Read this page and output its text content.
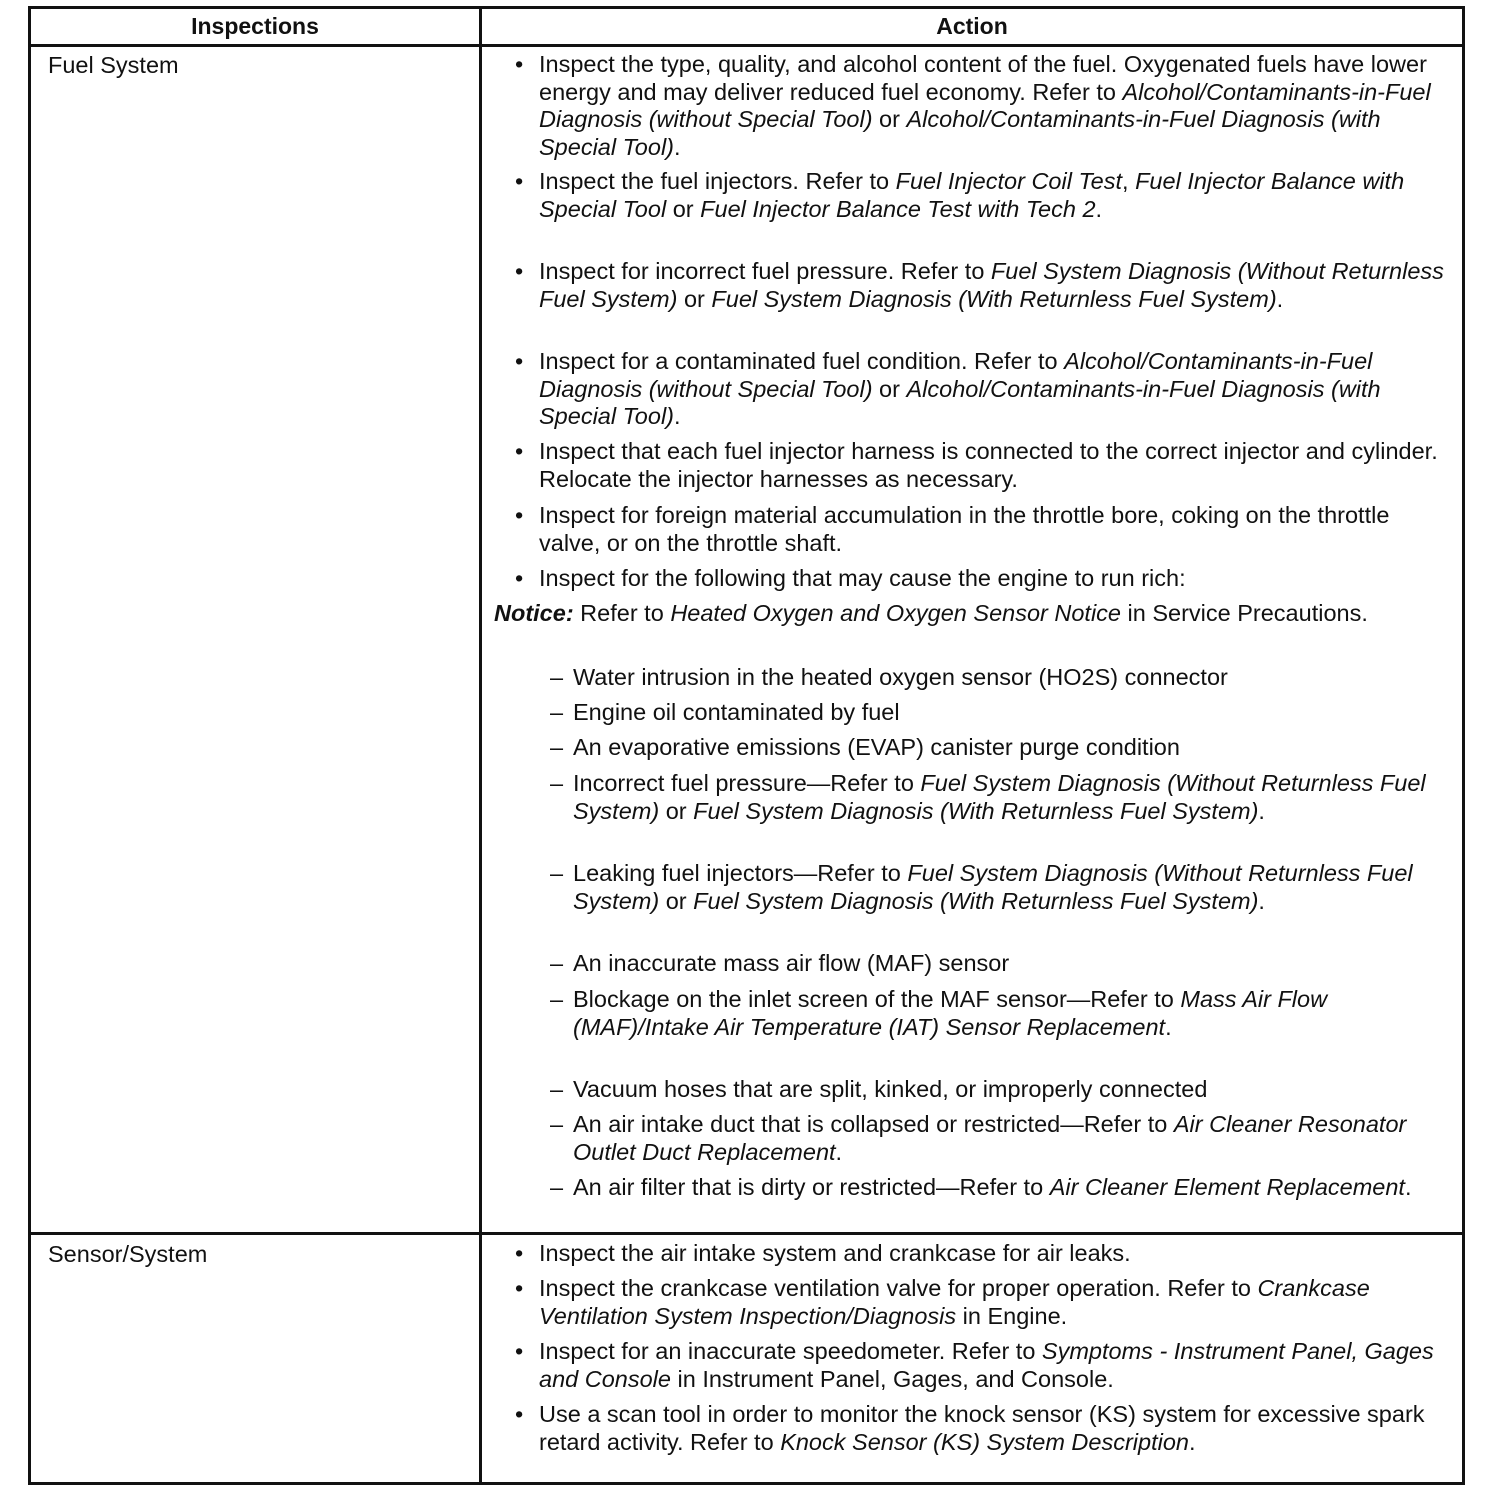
Inspections	Action
Fuel System
Sensor/System
• Inspect the type, quality, and alcohol content of the fuel. Oxygenated fuels have lower energy and may deliver reduced fuel economy. Refer to Alcohol/Contaminants-in-Fuel Diagnosis (without Special Tool) or Alcohol/Contaminants-in-Fuel Diagnosis (with Special Tool).
• Inspect the fuel injectors. Refer to Fuel Injector Coil Test, Fuel Injector Balance with Special Tool or Fuel Injector Balance Test with Tech 2.
• Inspect for incorrect fuel pressure. Refer to Fuel System Diagnosis (Without Returnless Fuel System) or Fuel System Diagnosis (With Returnless Fuel System).
• Inspect for a contaminated fuel condition. Refer to Alcohol/Contaminants-in-Fuel Diagnosis (without Special Tool) or Alcohol/Contaminants-in-Fuel Diagnosis (with Special Tool).
• Inspect that each fuel injector harness is connected to the correct injector and cylinder. Relocate the injector harnesses as necessary.
• Inspect for foreign material accumulation in the throttle bore, coking on the throttle valve, or on the throttle shaft.
• Inspect for the following that may cause the engine to run rich:
Notice: Refer to Heated Oxygen and Oxygen Sensor Notice in Service Precautions.
– Water intrusion in the heated oxygen sensor (HO2S) connector
– Engine oil contaminated by fuel
– An evaporative emissions (EVAP) canister purge condition
– Incorrect fuel pressure—Refer to Fuel System Diagnosis (Without Returnless Fuel System) or Fuel System Diagnosis (With Returnless Fuel System).
– Leaking fuel injectors—Refer to Fuel System Diagnosis (Without Returnless Fuel System) or Fuel System Diagnosis (With Returnless Fuel System).
– An inaccurate mass air flow (MAF) sensor
– Blockage on the inlet screen of the MAF sensor—Refer to Mass Air Flow (MAF)/Intake Air Temperature (IAT) Sensor Replacement.
– Vacuum hoses that are split, kinked, or improperly connected
– An air intake duct that is collapsed or restricted—Refer to Air Cleaner Resonator Outlet Duct Replacement.
– An air filter that is dirty or restricted—Refer to Air Cleaner Element Replacement.
• Inspect the air intake system and crankcase for air leaks.
• Inspect the crankcase ventilation valve for proper operation. Refer to Crankcase Ventilation System Inspection/Diagnosis in Engine.
• Inspect for an inaccurate speedometer. Refer to Symptoms - Instrument Panel, Gages and Console in Instrument Panel, Gages, and Console.
• Use a scan tool in order to monitor the knock sensor (KS) system for excessive spark retard activity. Refer to Knock Sensor (KS) System Description.
